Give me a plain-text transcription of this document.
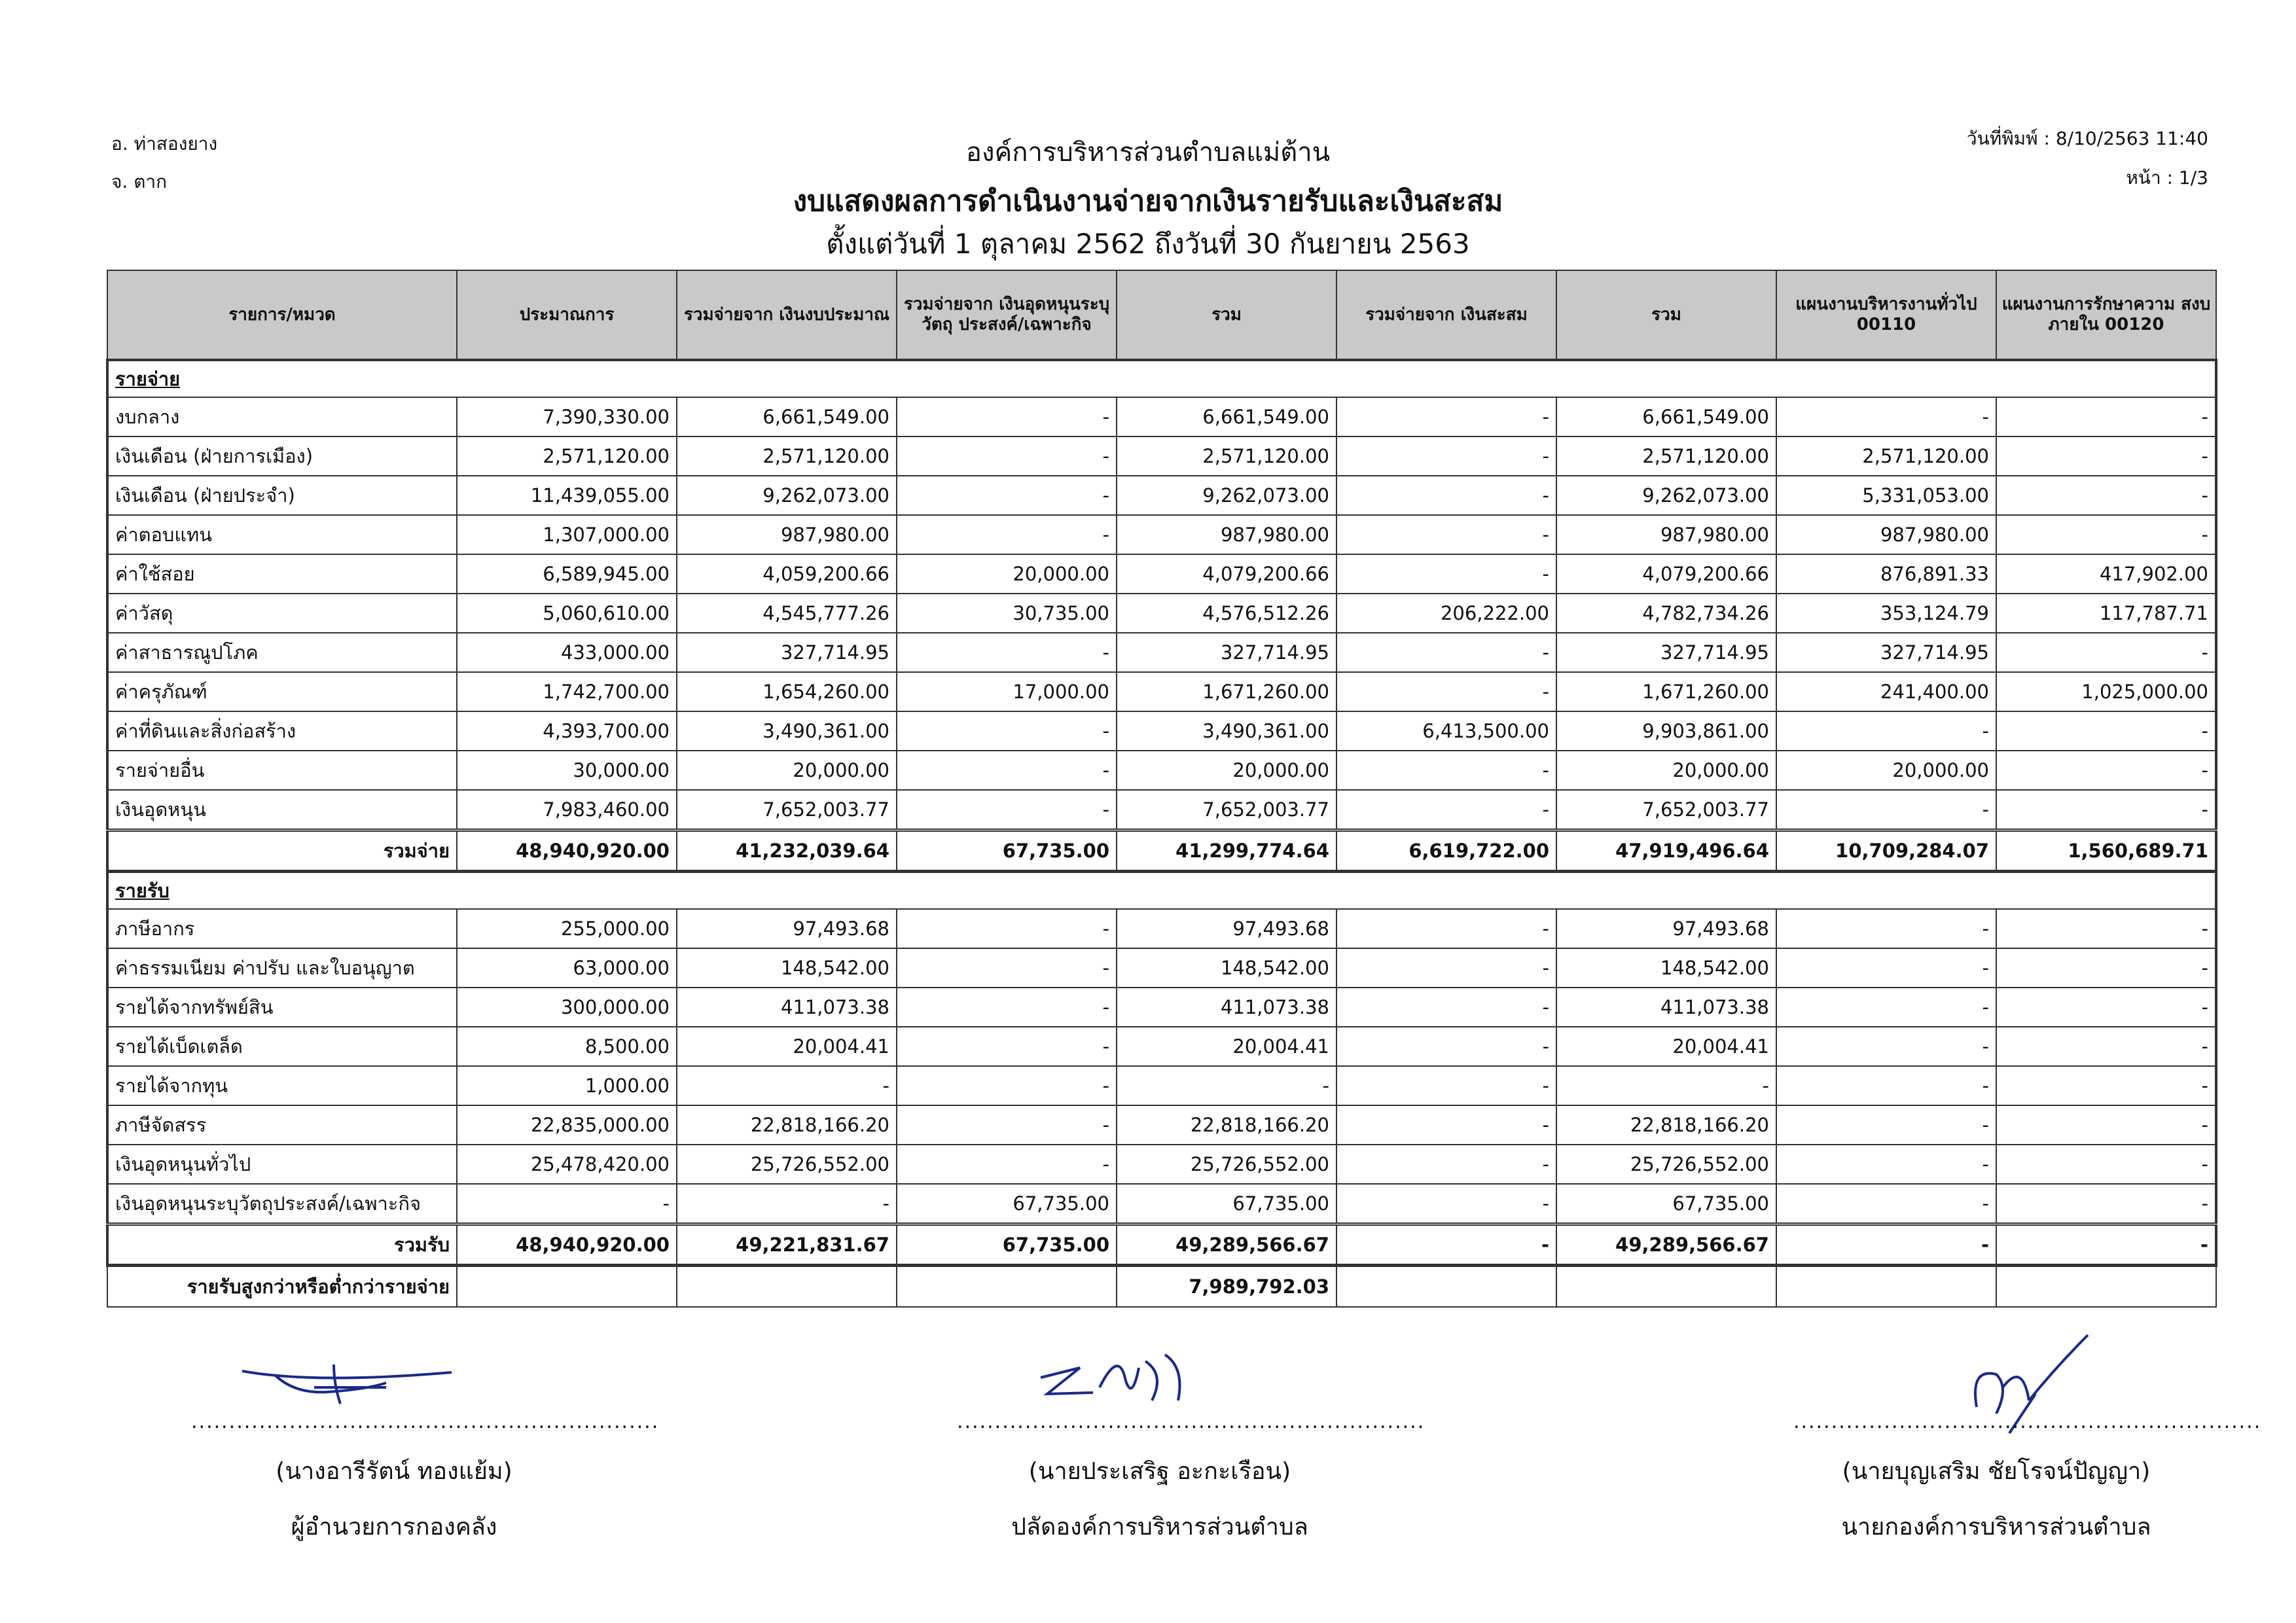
อ. ท่าสองยาง
จ. ตาก
วันที่พิมพ์ : 8/10/2563 11:40
หน้า : 1/3
องค์การบริหารส่วนตำบลแม่ต้าน
งบแสดงผลการดำเนินงานจ่ายจากเงินรายรับและเงินสะสม
ตั้งแต่วันที่ 1 ตุลาคม 2562 ถึงวันที่ 30 กันยายน 2563
รายการ/หมวด	ประมาณการ	รวมจ่ายจาก เงินงบประมาณ	รวมจ่ายจาก เงินอุดหนุนระบุวัตถุ ประสงค์/เฉพาะกิจ	รวม	รวมจ่ายจาก เงินสะสม	รวม	แผนงานบริหารงานทั่วไป 00110	แผนงานการรักษาความ สงบภายใน 00120
รายจ่าย								
งบกลาง	7,390,330.00	6,661,549.00	-	6,661,549.00	-	6,661,549.00	-	-
เงินเดือน (ฝ่ายการเมือง)	2,571,120.00	2,571,120.00	-	2,571,120.00	-	2,571,120.00	2,571,120.00	-
เงินเดือน (ฝ่ายประจำ)	11,439,055.00	9,262,073.00	-	9,262,073.00	-	9,262,073.00	5,331,053.00	-
ค่าตอบแทน	1,307,000.00	987,980.00	-	987,980.00	-	987,980.00	987,980.00	-
ค่าใช้สอย	6,589,945.00	4,059,200.66	20,000.00	4,079,200.66	-	4,079,200.66	876,891.33	417,902.00
ค่าวัสดุ	5,060,610.00	4,545,777.26	30,735.00	4,576,512.26	206,222.00	4,782,734.26	353,124.79	117,787.71
ค่าสาธารณูปโภค	433,000.00	327,714.95	-	327,714.95	-	327,714.95	327,714.95	-
ค่าครุภัณฑ์	1,742,700.00	1,654,260.00	17,000.00	1,671,260.00	-	1,671,260.00	241,400.00	1,025,000.00
ค่าที่ดินและสิ่งก่อสร้าง	4,393,700.00	3,490,361.00	-	3,490,361.00	6,413,500.00	9,903,861.00	-	-
รายจ่ายอื่น	30,000.00	20,000.00	-	20,000.00	-	20,000.00	20,000.00	-
เงินอุดหนุน	7,983,460.00	7,652,003.77	-	7,652,003.77	-	7,652,003.77	-	-
รวมจ่าย	48,940,920.00	41,232,039.64	67,735.00	41,299,774.64	6,619,722.00	47,919,496.64	10,709,284.07	1,560,689.71
รายรับ								
ภาษีอากร	255,000.00	97,493.68	-	97,493.68	-	97,493.68	-	-
ค่าธรรมเนียม ค่าปรับ และใบอนุญาต	63,000.00	148,542.00	-	148,542.00	-	148,542.00	-	-
รายได้จากทรัพย์สิน	300,000.00	411,073.38	-	411,073.38	-	411,073.38	-	-
รายได้เบ็ดเตล็ด	8,500.00	20,004.41	-	20,004.41	-	20,004.41	-	-
รายได้จากทุน	1,000.00	-	-	-	-	-	-	-
ภาษีจัดสรร	22,835,000.00	22,818,166.20	-	22,818,166.20	-	22,818,166.20	-	-
เงินอุดหนุนทั่วไป	25,478,420.00	25,726,552.00	-	25,726,552.00	-	25,726,552.00	-	-
เงินอุดหนุนระบุวัตถุประสงค์/เฉพาะกิจ	-	-	67,735.00	67,735.00	-	67,735.00	-	-
รวมรับ	48,940,920.00	49,221,831.67	67,735.00	49,289,566.67	-	49,289,566.67	-	-
รายรับสูงกว่าหรือต่ำกว่ารายจ่าย				7,989,792.03				
..............................................................
(นางอารีรัตน์ ทองแย้ม)
ผู้อำนวยการกองคลัง
..............................................................
(นายประเสริฐ อะกะเรือน)
ปลัดองค์การบริหารส่วนตำบล
..............................................................
(นายบุญเสริม ชัยโรจน์ปัญญา)
นายกองค์การบริหารส่วนตำบล
